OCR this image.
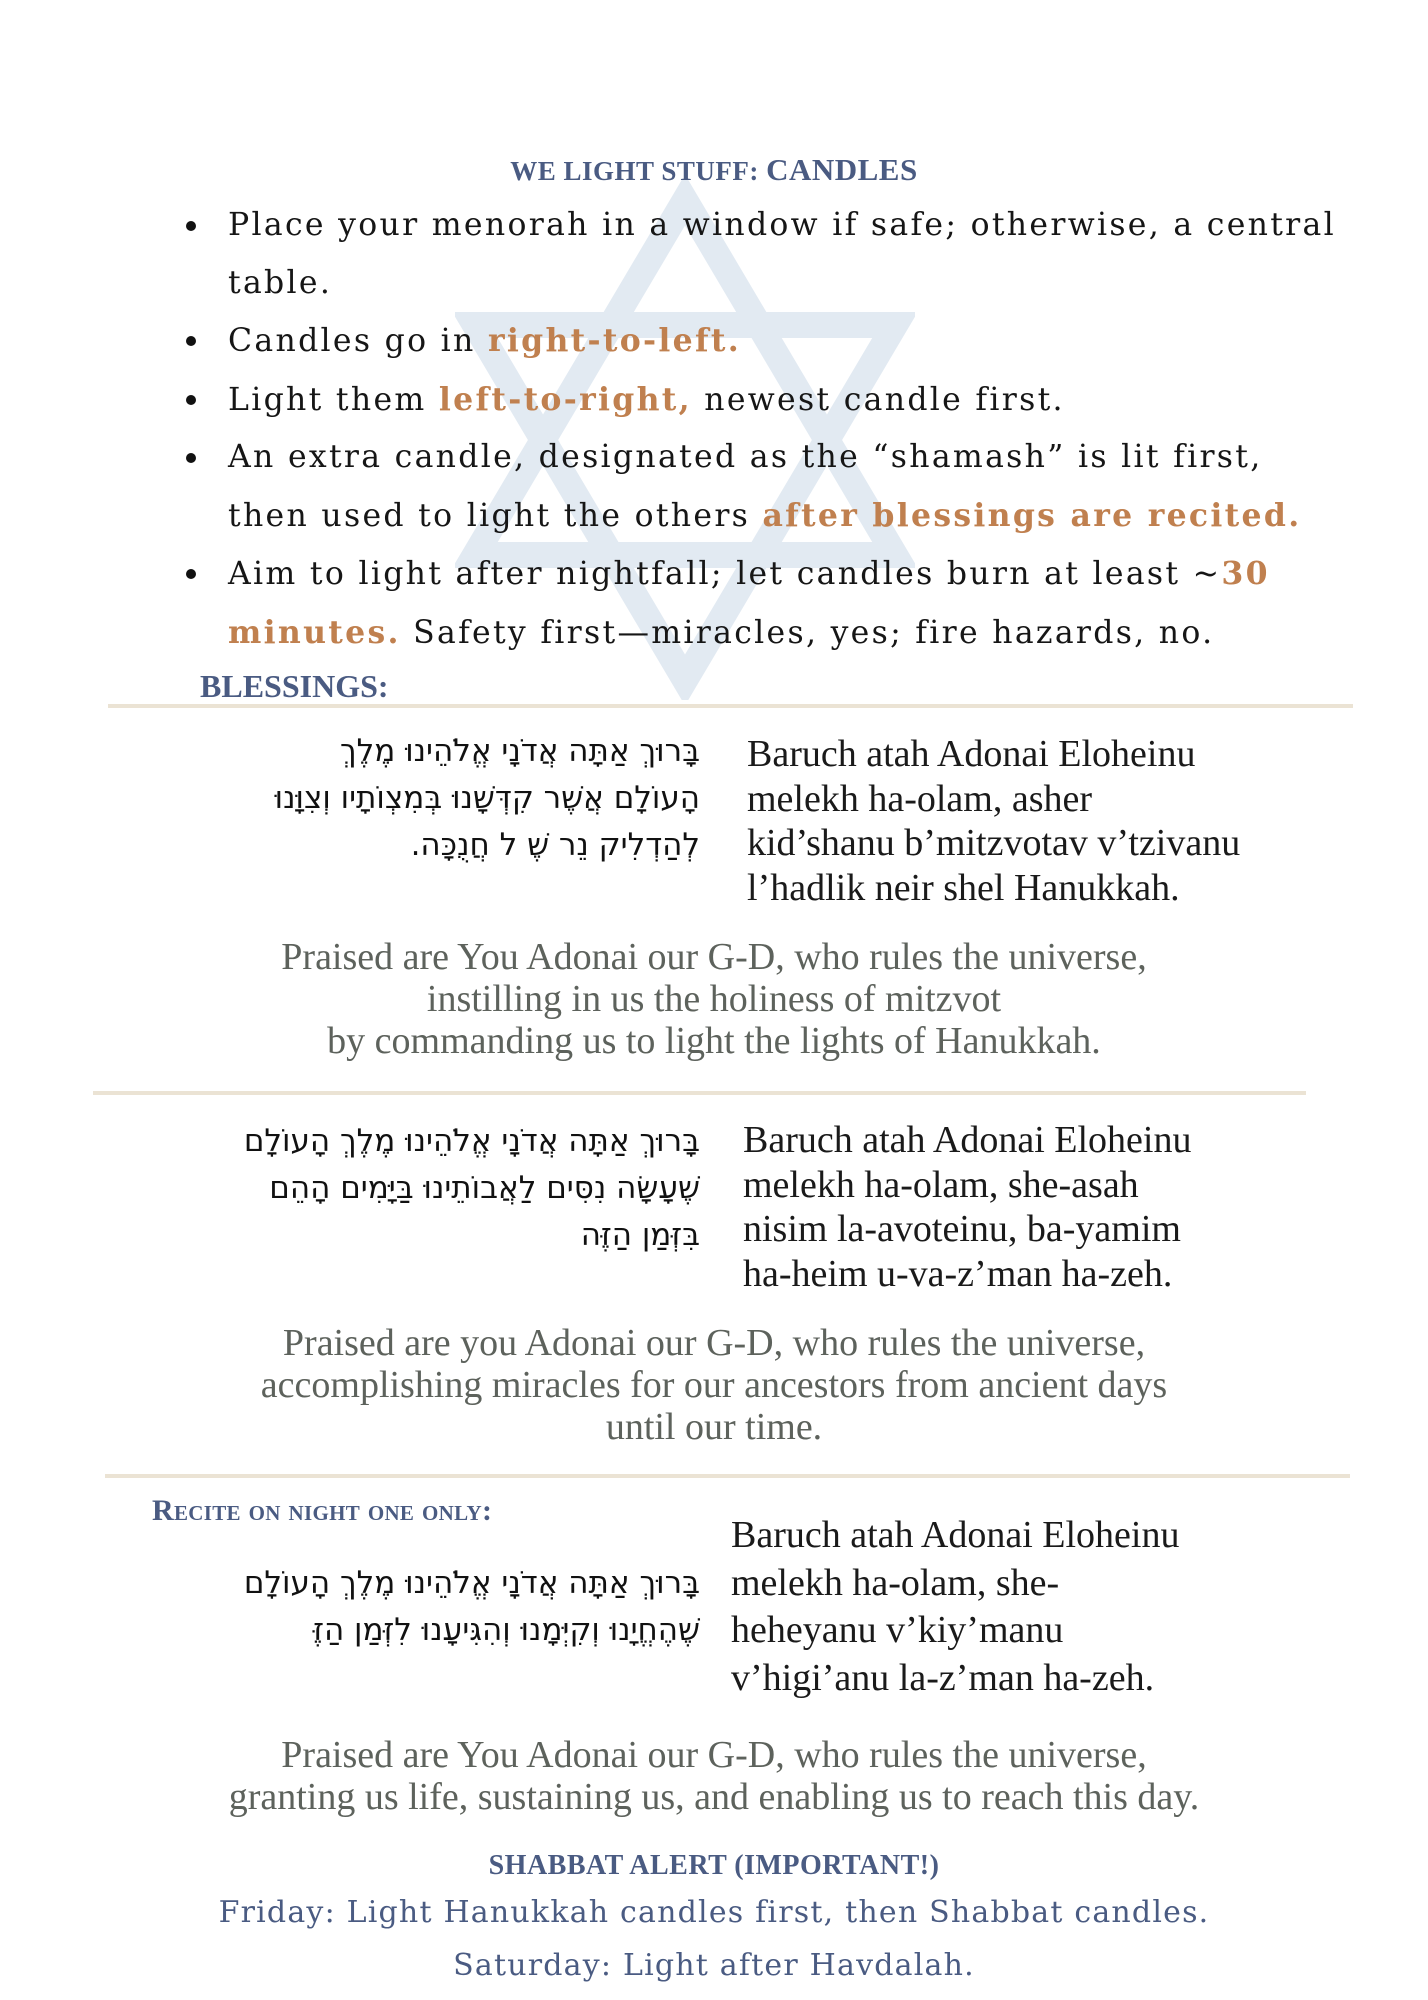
WE LIGHT STUFF: CANDLES
Place your menorah in a window if safe; otherwise, a central table.
Candles go in right-to-left.
Light them left-to-right, newest candle first.
An extra candle, designated as the “shamash” is lit first, then used to light the others after blessings are recited.
Aim to light after nightfall; let candles burn at least ~30 minutes. Safety first—miracles, yes; fire hazards, no.
BLESSINGS:
בָּרוּךְ אַתָּה אֲדֹנָי אֱלֹהֵינוּ מֶלֶךְ
הָעוֹלָם אֲשֶׁר קִדְּשָׁנוּ בְּמִצְוֹתָיו וְצִוָּנוּ
לְהַדְלִיק נֵר שֶׁ ל חֲנֻכָּה.
Baruch atah Adonai Eloheinu
melekh ha-olam, asher
kid’shanu b’mitzvotav v’tzivanu
l’hadlik neir shel Hanukkah.
Praised are You Adonai our G-D, who rules the universe,
instilling in us the holiness of mitzvot
by commanding us to light the lights of Hanukkah.
בָּרוּךְ אַתָּה אֲדֹנָי אֱלֹהֵינוּ מֶלֶךְ הָעוֹלָם
שֶׁעָשָׂה נִסִּים לַאֲבוֹתֵינוּ בַּיָּמִים הָהֵם
בִּזְּמַן הַזֶּה
Baruch atah Adonai Eloheinu
melekh ha-olam, she-asah
nisim la-avoteinu, ba-yamim
ha-heim u-va-z’man ha-zeh.
Praised are you Adonai our G-D, who rules the universe,
accomplishing miracles for our ancestors from ancient days
until our time.
Recite on night one only:
בָּרוּךְ אַתָּה אֲדֹנָי אֱלֹהֵינוּ מֶלֶךְ הָעוֹלָם
שֶׁהֶחֱיָנוּ וְקִיְּמָנוּ וְהִגִּיעָנוּ לִזְּמַן הַזֶּ
Baruch atah Adonai Eloheinu
melekh ha-olam, she-
heheyanu v’kiy’manu
v’higi’anu la-z’man ha-zeh.
Praised are You Adonai our G-D, who rules the universe,
granting us life, sustaining us, and enabling us to reach this day.
SHABBAT ALERT (IMPORTANT!)
Friday: Light Hanukkah candles first, then Shabbat candles.
Saturday: Light after Havdalah.
